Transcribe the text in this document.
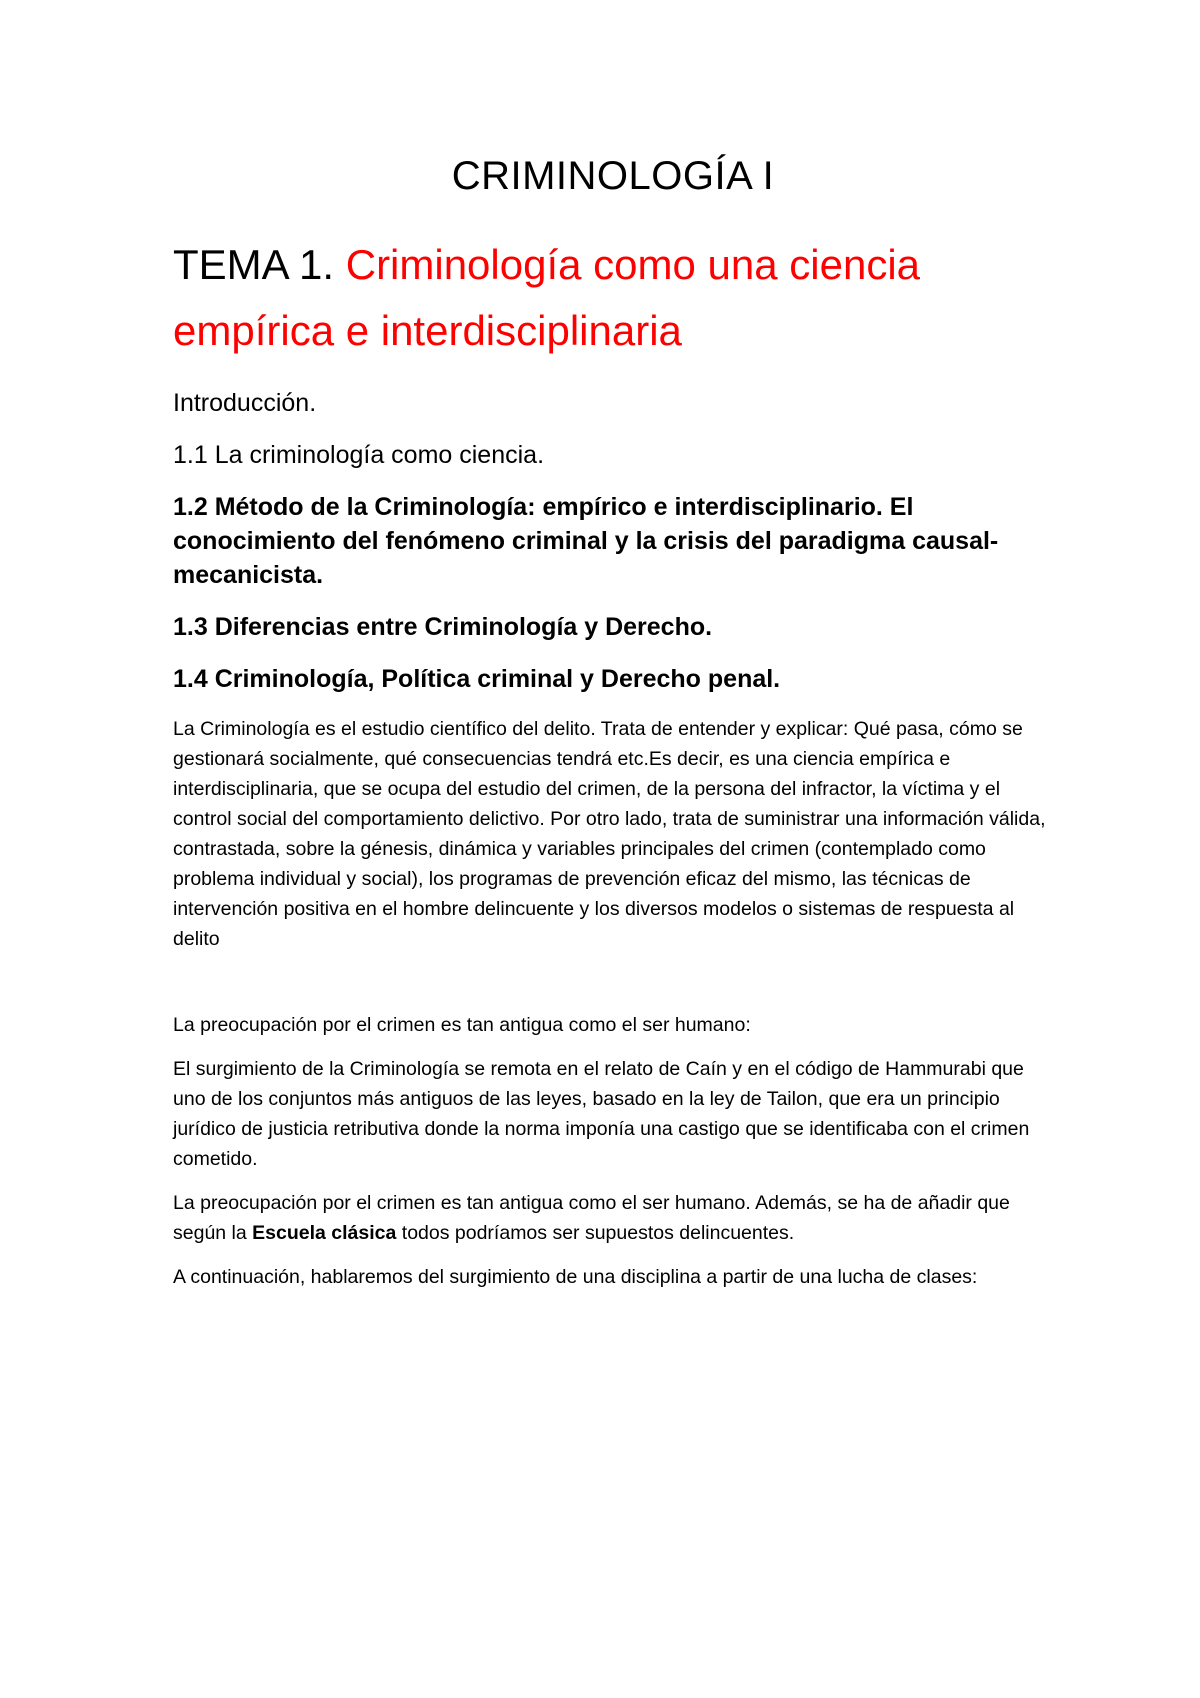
CRIMINOLOGÍA I
TEMA 1. Criminología como una ciencia empírica e interdisciplinaria

Introducción.

1.1 La criminología como ciencia.

1.2 Método de la Criminología: empírico e interdisciplinario. El conocimiento del fenómeno criminal y la crisis del paradigma causal-mecanicista.

1.3 Diferencias entre Criminología y Derecho.

1.4 Criminología, Política criminal y Derecho penal.

La Criminología es el estudio científico del delito. Trata de entender y explicar: Qué pasa, cómo se gestionará socialmente, qué consecuencias tendrá etc.Es decir, es una ciencia empírica e interdisciplinaria, que se ocupa del estudio del crimen, de la persona del infractor, la víctima y el control social del comportamiento delictivo. Por otro lado, trata de suministrar una información válida, contrastada, sobre la génesis, dinámica y variables principales del crimen (contemplado como problema individual y social), los programas de prevención eficaz del mismo, las técnicas de intervención positiva en el hombre delincuente y los diversos modelos o sistemas de respuesta al delito

La preocupación por el crimen es tan antigua como el ser humano:

El surgimiento de la Criminología se remota en el relato de Caín y en el código de Hammurabi que uno de los conjuntos más antiguos de las leyes, basado en la ley de Tailon, que era un principio jurídico de justicia retributiva donde la norma imponía una castigo que se identificaba con el crimen cometido.

La preocupación por el crimen es tan antigua como el ser humano. Además, se ha de añadir que según la Escuela clásica todos podríamos ser supuestos delincuentes.

A continuación, hablaremos del surgimiento de una disciplina a partir de una lucha de clases:
